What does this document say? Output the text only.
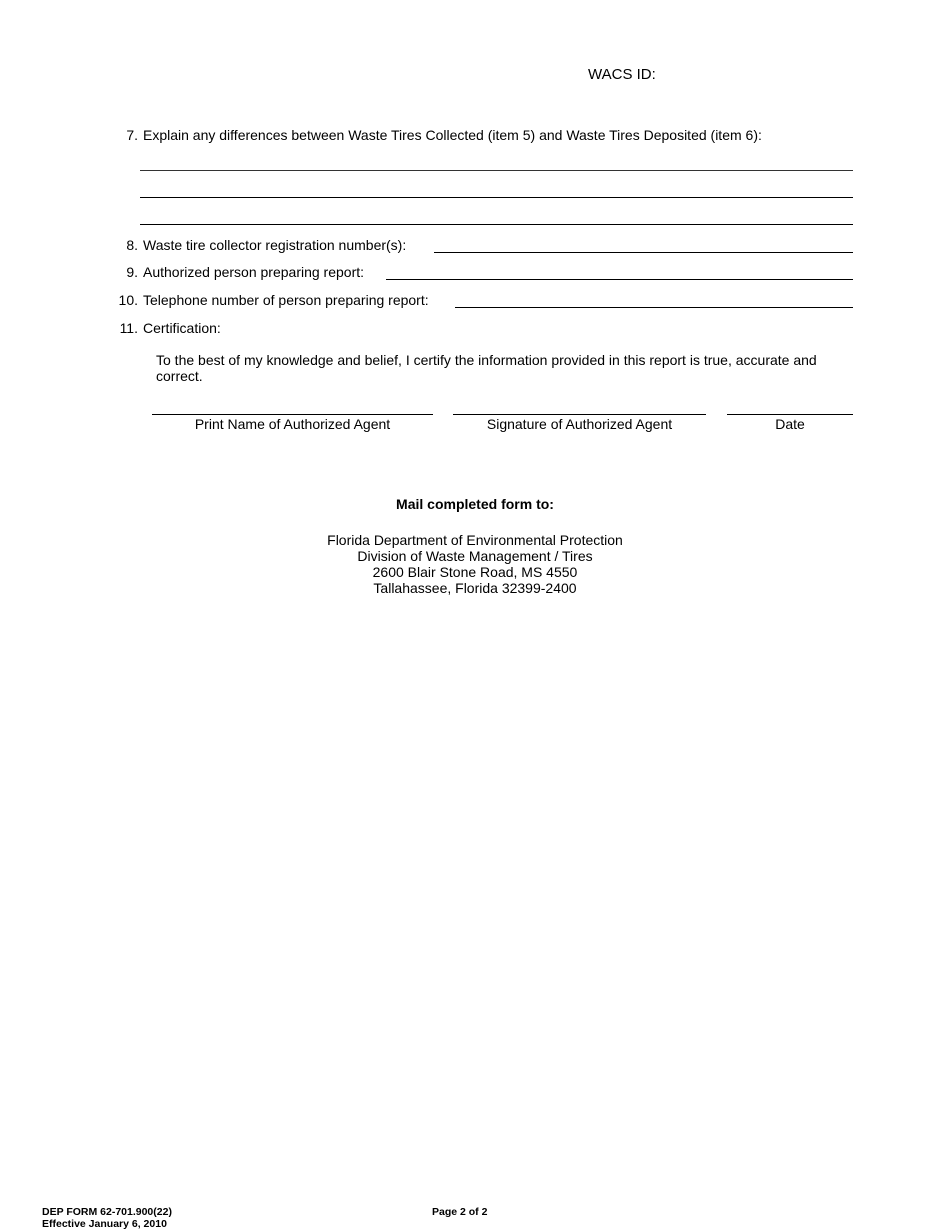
WACS ID:
7. Explain any differences between Waste Tires Collected (item 5) and Waste Tires Deposited (item 6):
8. Waste tire collector registration number(s):
9. Authorized person preparing report:
10. Telephone number of person preparing report:
11. Certification:
To the best of my knowledge and belief, I certify the information provided in this report is true, accurate and
correct.
Print Name of Authorized Agent	Signature of Authorized Agent	Date
Mail completed form to:
Florida Department of Environmental Protection
Division of Waste Management / Tires
2600 Blair Stone Road, MS 4550
Tallahassee, Florida 32399-2400
DEP FORM 62-701.900(22)
Effective January 6, 2010
Page 2 of 2
